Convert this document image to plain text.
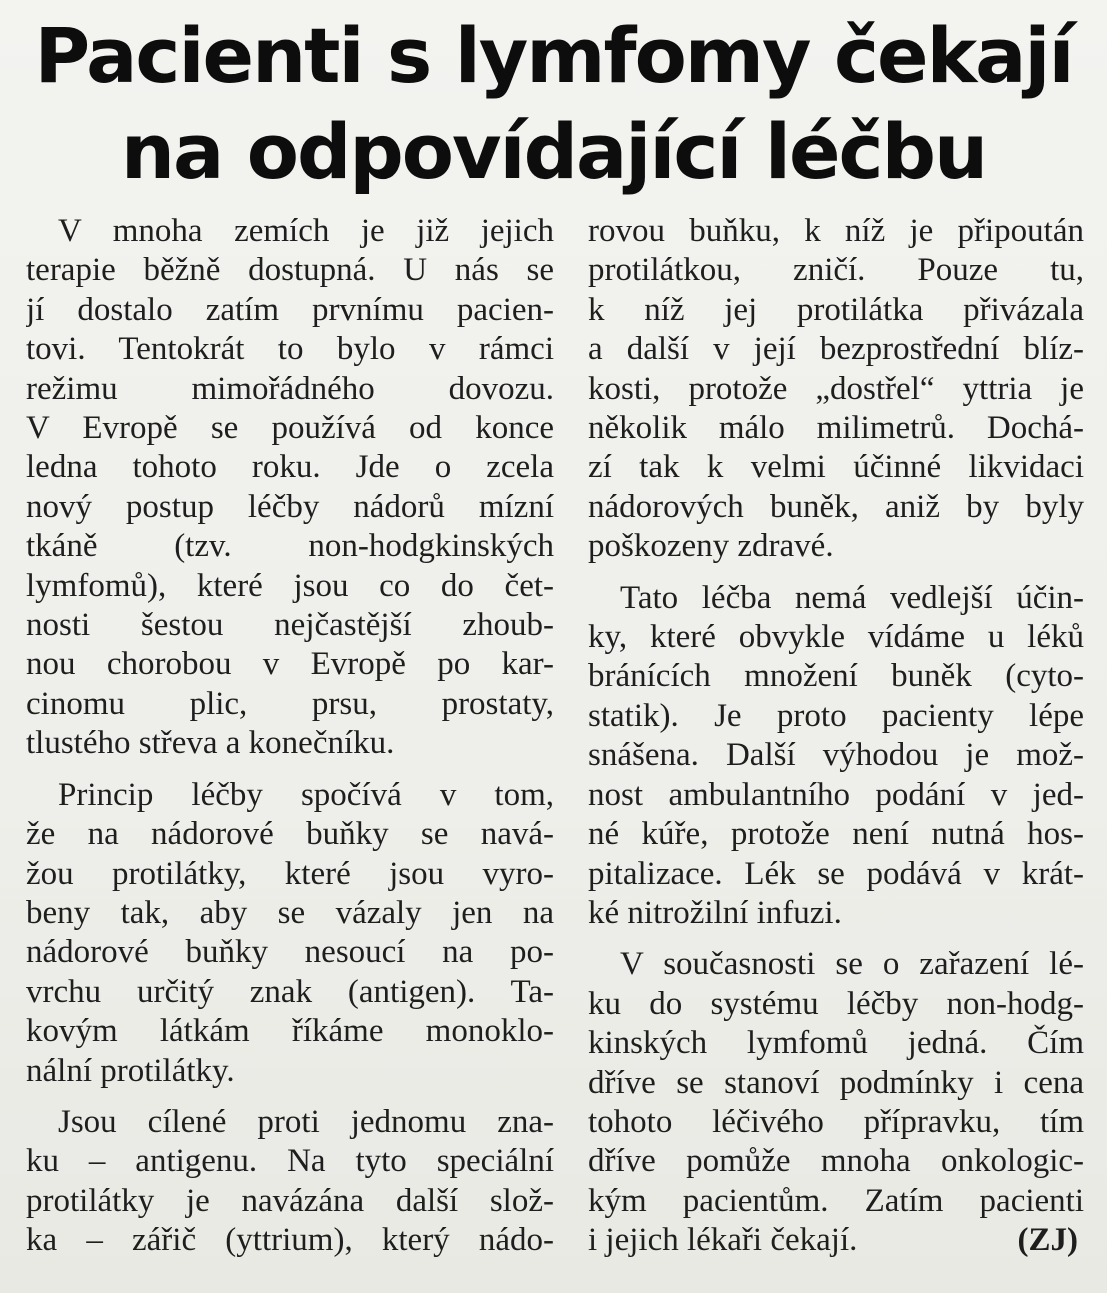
Pacienti s lymfomy čekají
na odpovídající léčbu
V mnoha zemích je již jejich
terapie běžně dostupná. U nás se
jí dostalo zatím prvnímu pacien-
tovi. Tentokrát to bylo v rámci
režimu mimořádného dovozu.
V Evropě se používá od konce
ledna tohoto roku. Jde o zcela
nový postup léčby nádorů mízní
tkáně (tzv. non-hodgkinských
lymfomů), které jsou co do čet-
nosti šestou nejčastější zhoub-
nou chorobou v Evropě po kar-
cinomu plic, prsu, prostaty,
tlustého střeva a konečníku.
Princip léčby spočívá v tom,
že na nádorové buňky se navá-
žou protilátky, které jsou vyro-
beny tak, aby se vázaly jen na
nádorové buňky nesoucí na po-
vrchu určitý znak (antigen). Ta-
kovým látkám říkáme monoklo-
nální protilátky.
Jsou cílené proti jednomu zna-
ku – antigenu. Na tyto speciální
protilátky je navázána další slož-
ka – zářič (yttrium), který nádo-
rovou buňku, k níž je připoután
protilátkou, zničí. Pouze tu,
k níž jej protilátka přivázala
a další v její bezprostřední blíz-
kosti, protože „dostřel“ yttria je
několik málo milimetrů. Dochá-
zí tak k velmi účinné likvidaci
nádorových buněk, aniž by byly
poškozeny zdravé.
Tato léčba nemá vedlejší účin-
ky, které obvykle vídáme u léků
bránících množení buněk (cyto-
statik). Je proto pacienty lépe
snášena. Další výhodou je mož-
nost ambulantního podání v jed-
né kúře, protože není nutná hos-
pitalizace. Lék se podává v krát-
ké nitrožilní infuzi.
V současnosti se o zařazení lé-
ku do systému léčby non-hodg-
kinských lymfomů jedná. Čím
dříve se stanoví podmínky i cena
tohoto léčivého přípravku, tím
dříve pomůže mnoha onkologic-
kým pacientům. Zatím pacienti
i jejich lékaři čekají.	(ZJ)
